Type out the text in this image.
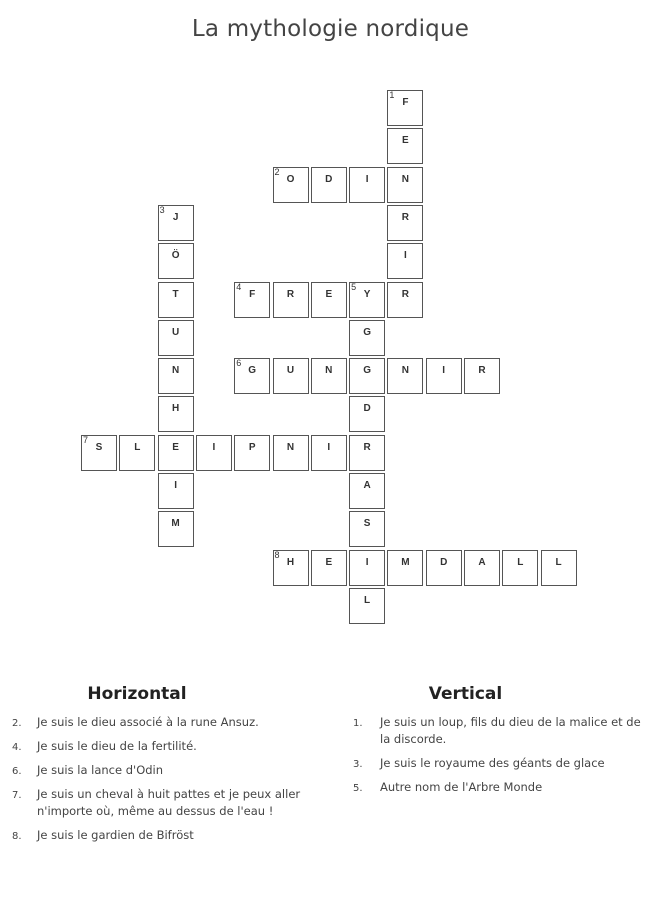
La mythologie nordique
F
1
E
N
R
I
R
O
2
D	I
J
3
Ö
T
U
N
H
E
I
M
F
4
R	E	Y
5
G
G
D
R
A
S
I
L
G
6
U	N	N	I	R
S
7
L	I	P	N	I
H
8
E	M	D	A	L	L
Horizontal
2. Je suis le dieu associé à la rune Ansuz.
4. Je suis le dieu de la fertilité.
6. Je suis la lance d'Odin
7. Je suis un cheval à huit pattes et je peux aller n'importe où, même au dessus de l'eau !
8. Je suis le gardien de Bifröst
Vertical
1. Je suis un loup, fils du dieu de la malice et de la discorde.
3. Je suis le royaume des géants de glace
5. Autre nom de l'Arbre Monde
